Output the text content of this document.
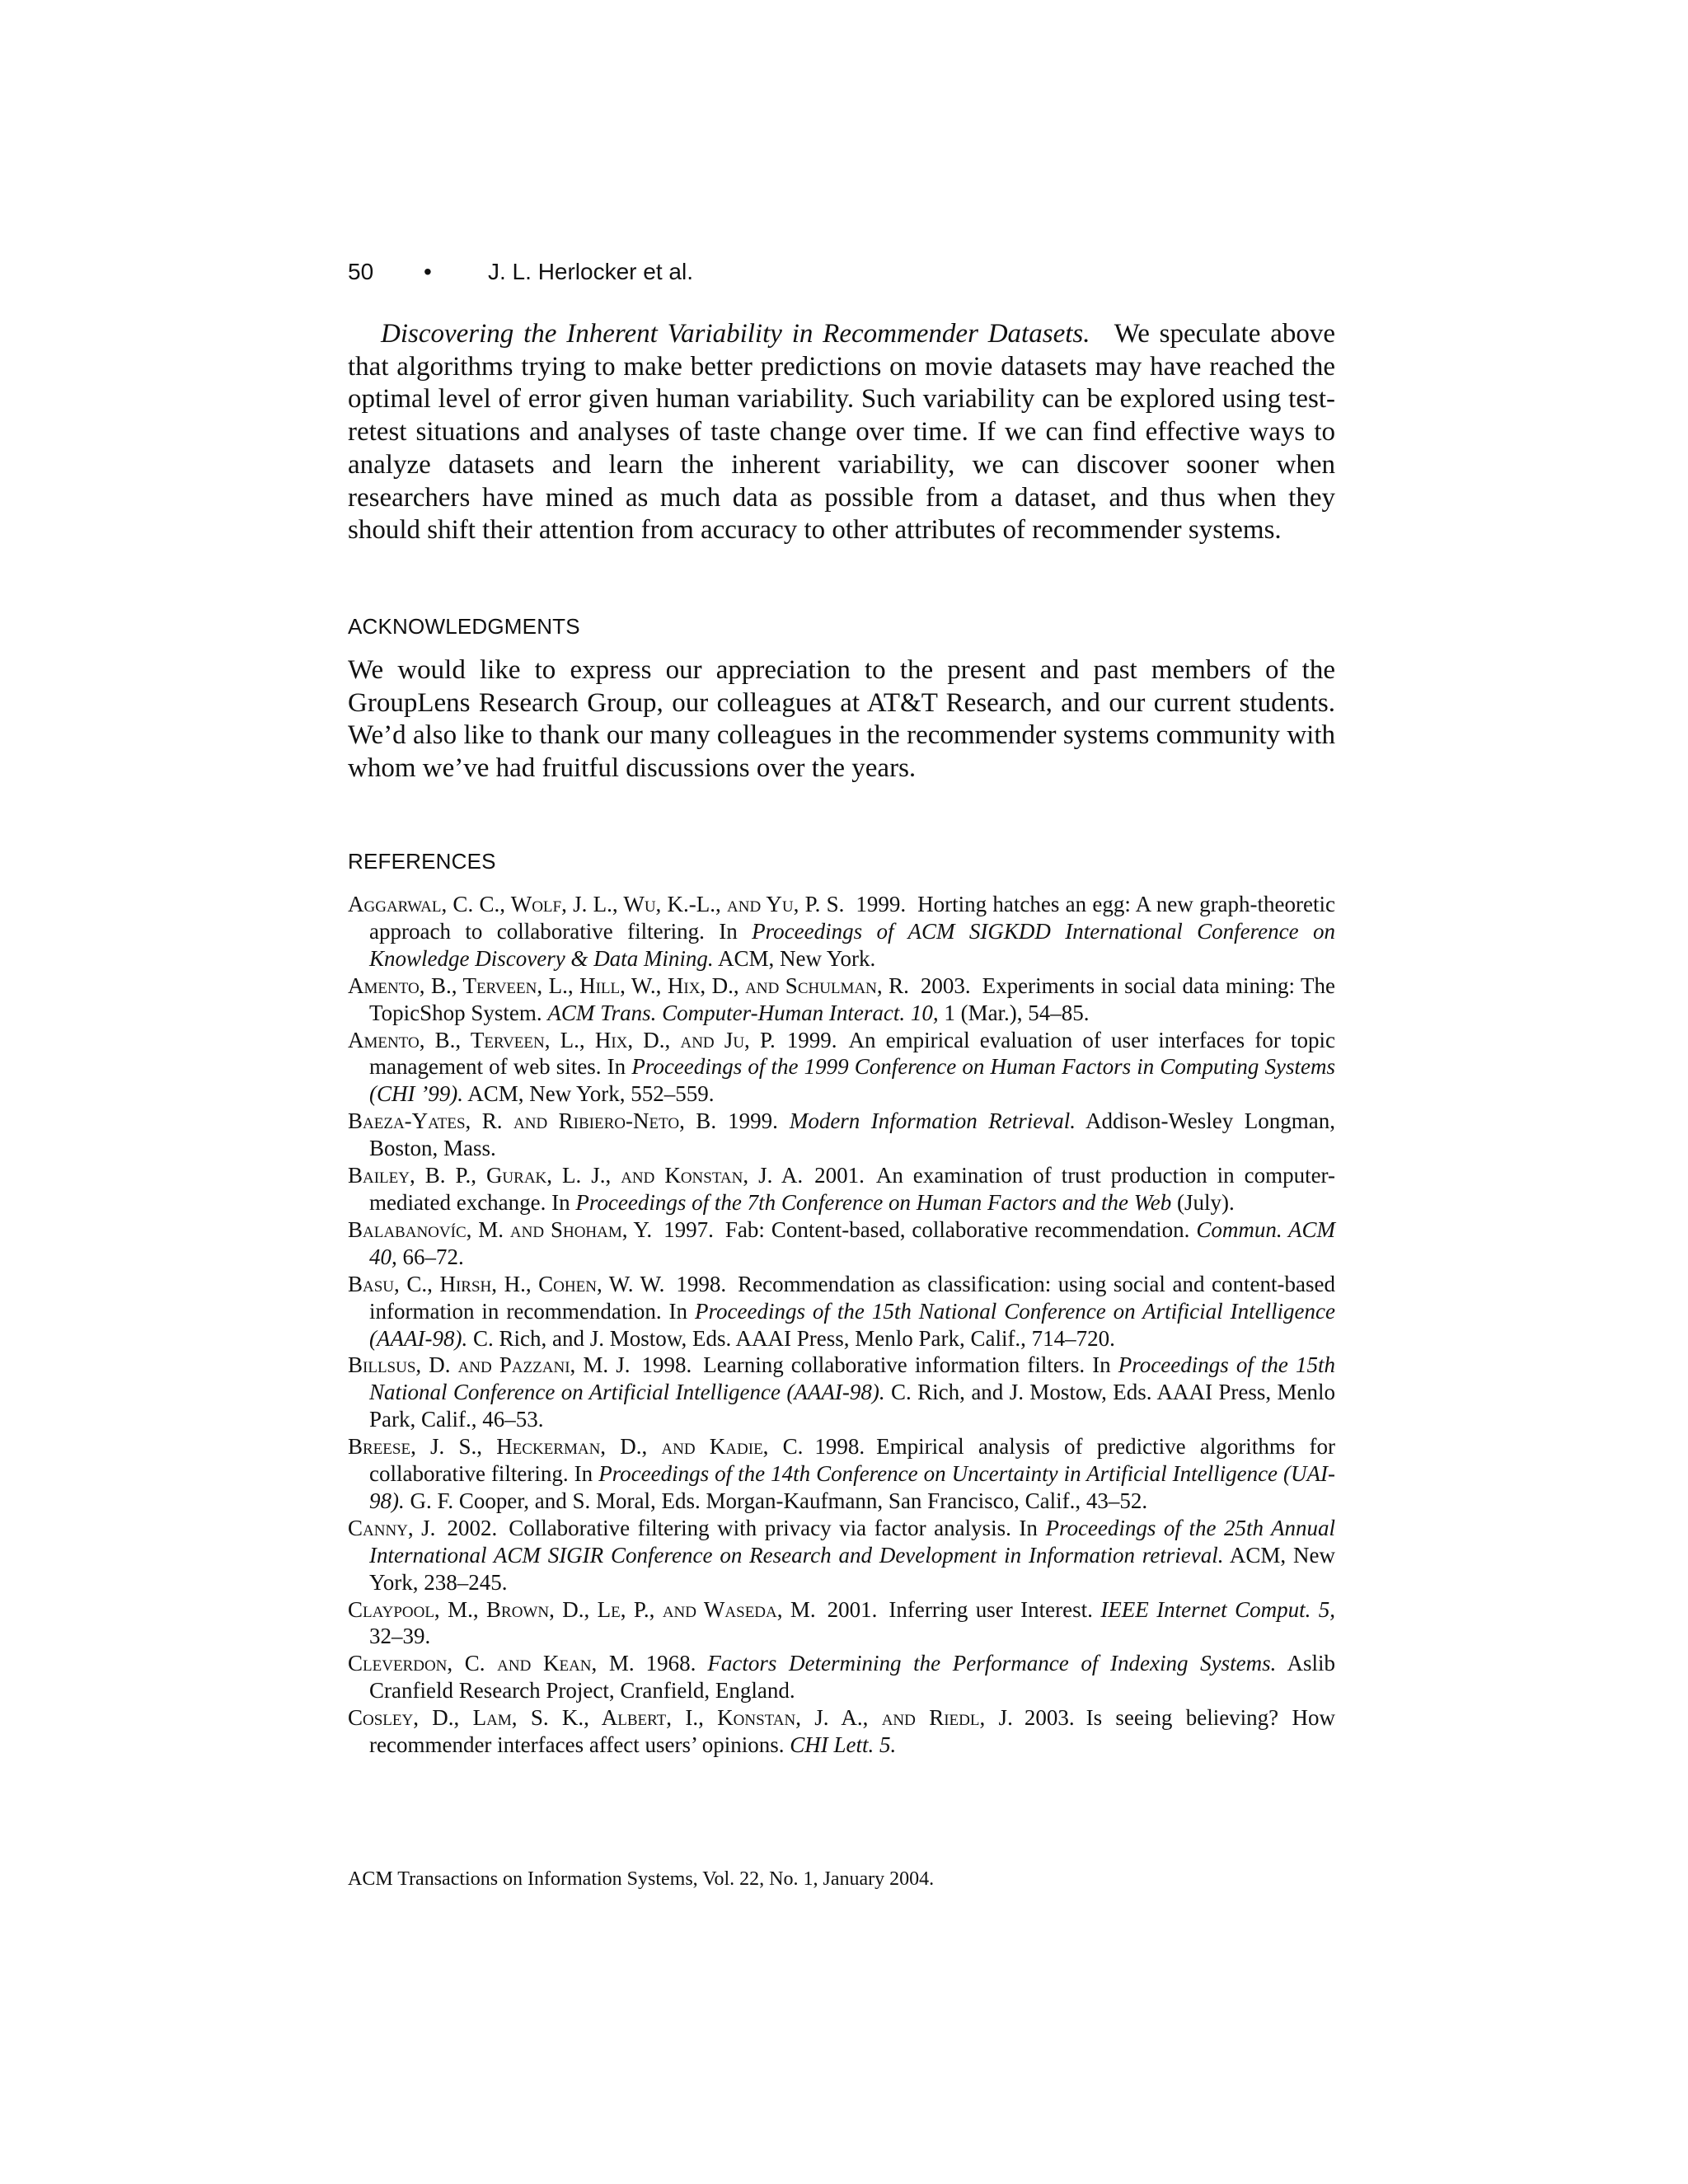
50 • J. L. Herlocker et al.

Discovering the Inherent Variability in Recommender Datasets. We speculate above that algorithms trying to make better predictions on movie datasets may have reached the optimal level of error given human variability. Such variability can be explored using test-retest situations and analyses of taste change over time. If we can find effective ways to analyze datasets and learn the inherent variability, we can discover sooner when researchers have mined as much data as possible from a dataset, and thus when they should shift their attention from accuracy to other attributes of recommender systems.

ACKNOWLEDGMENTS

We would like to express our appreciation to the present and past members of the GroupLens Research Group, our colleagues at AT&T Research, and our current students. We’d also like to thank our many colleagues in the recommender systems community with whom we’ve had fruitful discussions over the years.

REFERENCES

Aggarwal, C. C., Wolf, J. L., Wu, K.-L., and Yu, P. S. 1999. Horting hatches an egg: A new graph-theoretic approach to collaborative filtering. In Proceedings of ACM SIGKDD International Conference on Knowledge Discovery & Data Mining. ACM, New York.

Amento, B., Terveen, L., Hill, W., Hix, D., and Schulman, R. 2003. Experiments in social data mining: The TopicShop System. ACM Trans. Computer-Human Interact. 10, 1 (Mar.), 54–85.

Amento, B., Terveen, L., Hix, D., and Ju, P. 1999. An empirical evaluation of user interfaces for topic management of web sites. In Proceedings of the 1999 Conference on Human Factors in Computing Systems (CHI ’99). ACM, New York, 552–559.

Baeza-Yates, R. and Ribiero-Neto, B. 1999. Modern Information Retrieval. Addison-Wesley Longman, Boston, Mass.

Bailey, B. P., Gurak, L. J., and Konstan, J. A. 2001. An examination of trust production in computer-mediated exchange. In Proceedings of the 7th Conference on Human Factors and the Web (July).

Balabanovíc, M. and Shoham, Y. 1997. Fab: Content-based, collaborative recommendation. Commun. ACM 40, 66–72.

Basu, C., Hirsh, H., Cohen, W. W. 1998. Recommendation as classification: using social and content-based information in recommendation. In Proceedings of the 15th National Conference on Artificial Intelligence (AAAI-98). C. Rich, and J. Mostow, Eds. AAAI Press, Menlo Park, Calif., 714–720.

Billsus, D. and Pazzani, M. J. 1998. Learning collaborative information filters. In Proceedings of the 15th National Conference on Artificial Intelligence (AAAI-98). C. Rich, and J. Mostow, Eds. AAAI Press, Menlo Park, Calif., 46–53.

Breese, J. S., Heckerman, D., and Kadie, C. 1998. Empirical analysis of predictive algorithms for collaborative filtering. In Proceedings of the 14th Conference on Uncertainty in Artificial Intelligence (UAI-98). G. F. Cooper, and S. Moral, Eds. Morgan-Kaufmann, San Francisco, Calif., 43–52.

Canny, J. 2002. Collaborative filtering with privacy via factor analysis. In Proceedings of the 25th Annual International ACM SIGIR Conference on Research and Development in Information retrieval. ACM, New York, 238–245.

Claypool, M., Brown, D., Le, P., and Waseda, M. 2001. Inferring user Interest. IEEE Internet Comput. 5, 32–39.

Cleverdon, C. and Kean, M. 1968. Factors Determining the Performance of Indexing Systems. Aslib Cranfield Research Project, Cranfield, England.

Cosley, D., Lam, S. K., Albert, I., Konstan, J. A., and Riedl, J. 2003. Is seeing believing? How recommender interfaces affect users’ opinions. CHI Lett. 5.

ACM Transactions on Information Systems, Vol. 22, No. 1, January 2004.
